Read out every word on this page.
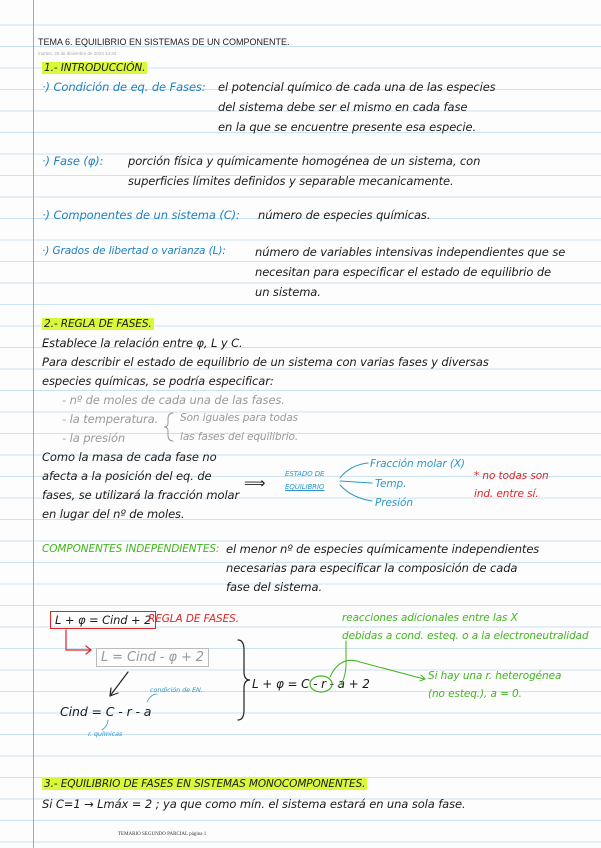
TEMA 6. EQUILIBRIO EN SISTEMAS DE UN COMPONENTE.
martes, 26 de diciembre de 2023 13:34
1.- INTRODUCCIÓN.
·) Condición de eq. de Fases: el potencial químico de cada una de las especies
del sistema debe ser el mismo en cada fase
en la que se encuentre presente esa especie.
·) Fase (φ): porción física y químicamente homogénea de un sistema, con
superficies límites definidos y separable mecanicamente.
·) Componentes de un sistema (C): número de especies químicas.
·) Grados de libertad o varianza (L):	número de variables intensivas independientes que se
necesitan para especificar el estado de equilibrio de
un sistema.
2.- REGLA DE FASES.
Establece la relación entre φ, L y C.
Para describir el estado de equilibrio de un sistema con varias fases y diversas
especies químicas, se podría especificar:
- nº de moles de cada una de las fases.
- la temperatura.
- la presión
Son iguales para todas
las fases del equilibrio.
Como la masa de cada fase no
afecta a la posición del eq. de
fases, se utilizará la fracción molar
en lugar del nº de moles.
⟹	ESTADO DE
EQUILIBRIO
Fracción molar (X)
Temp.
Presión
* no todas son
ind. entre sí.
COMPONENTES INDEPENDIENTES: el menor nº de especies químicamente independientes
necesarias para especificar la composición de cada
fase del sistema.
L + φ = Cind + 2
REGLA DE FASES.
L = Cind - φ + 2
Cind = C - r - a
condición de EN.
r. químicas
L + φ = C - r - a + 2
reacciones adicionales entre las X
debidas a cond. esteq. o a la electroneutralidad
Si hay una r. heterogénea
(no esteq.), a = 0.
3.- EQUILIBRIO DE FASES EN SISTEMAS MONOCOMPONENTES.
Si C=1 → Lmáx = 2 ; ya que como mín. el sistema estará en una sola fase.
TEMARIO SEGUNDO PARCIAL página 1
